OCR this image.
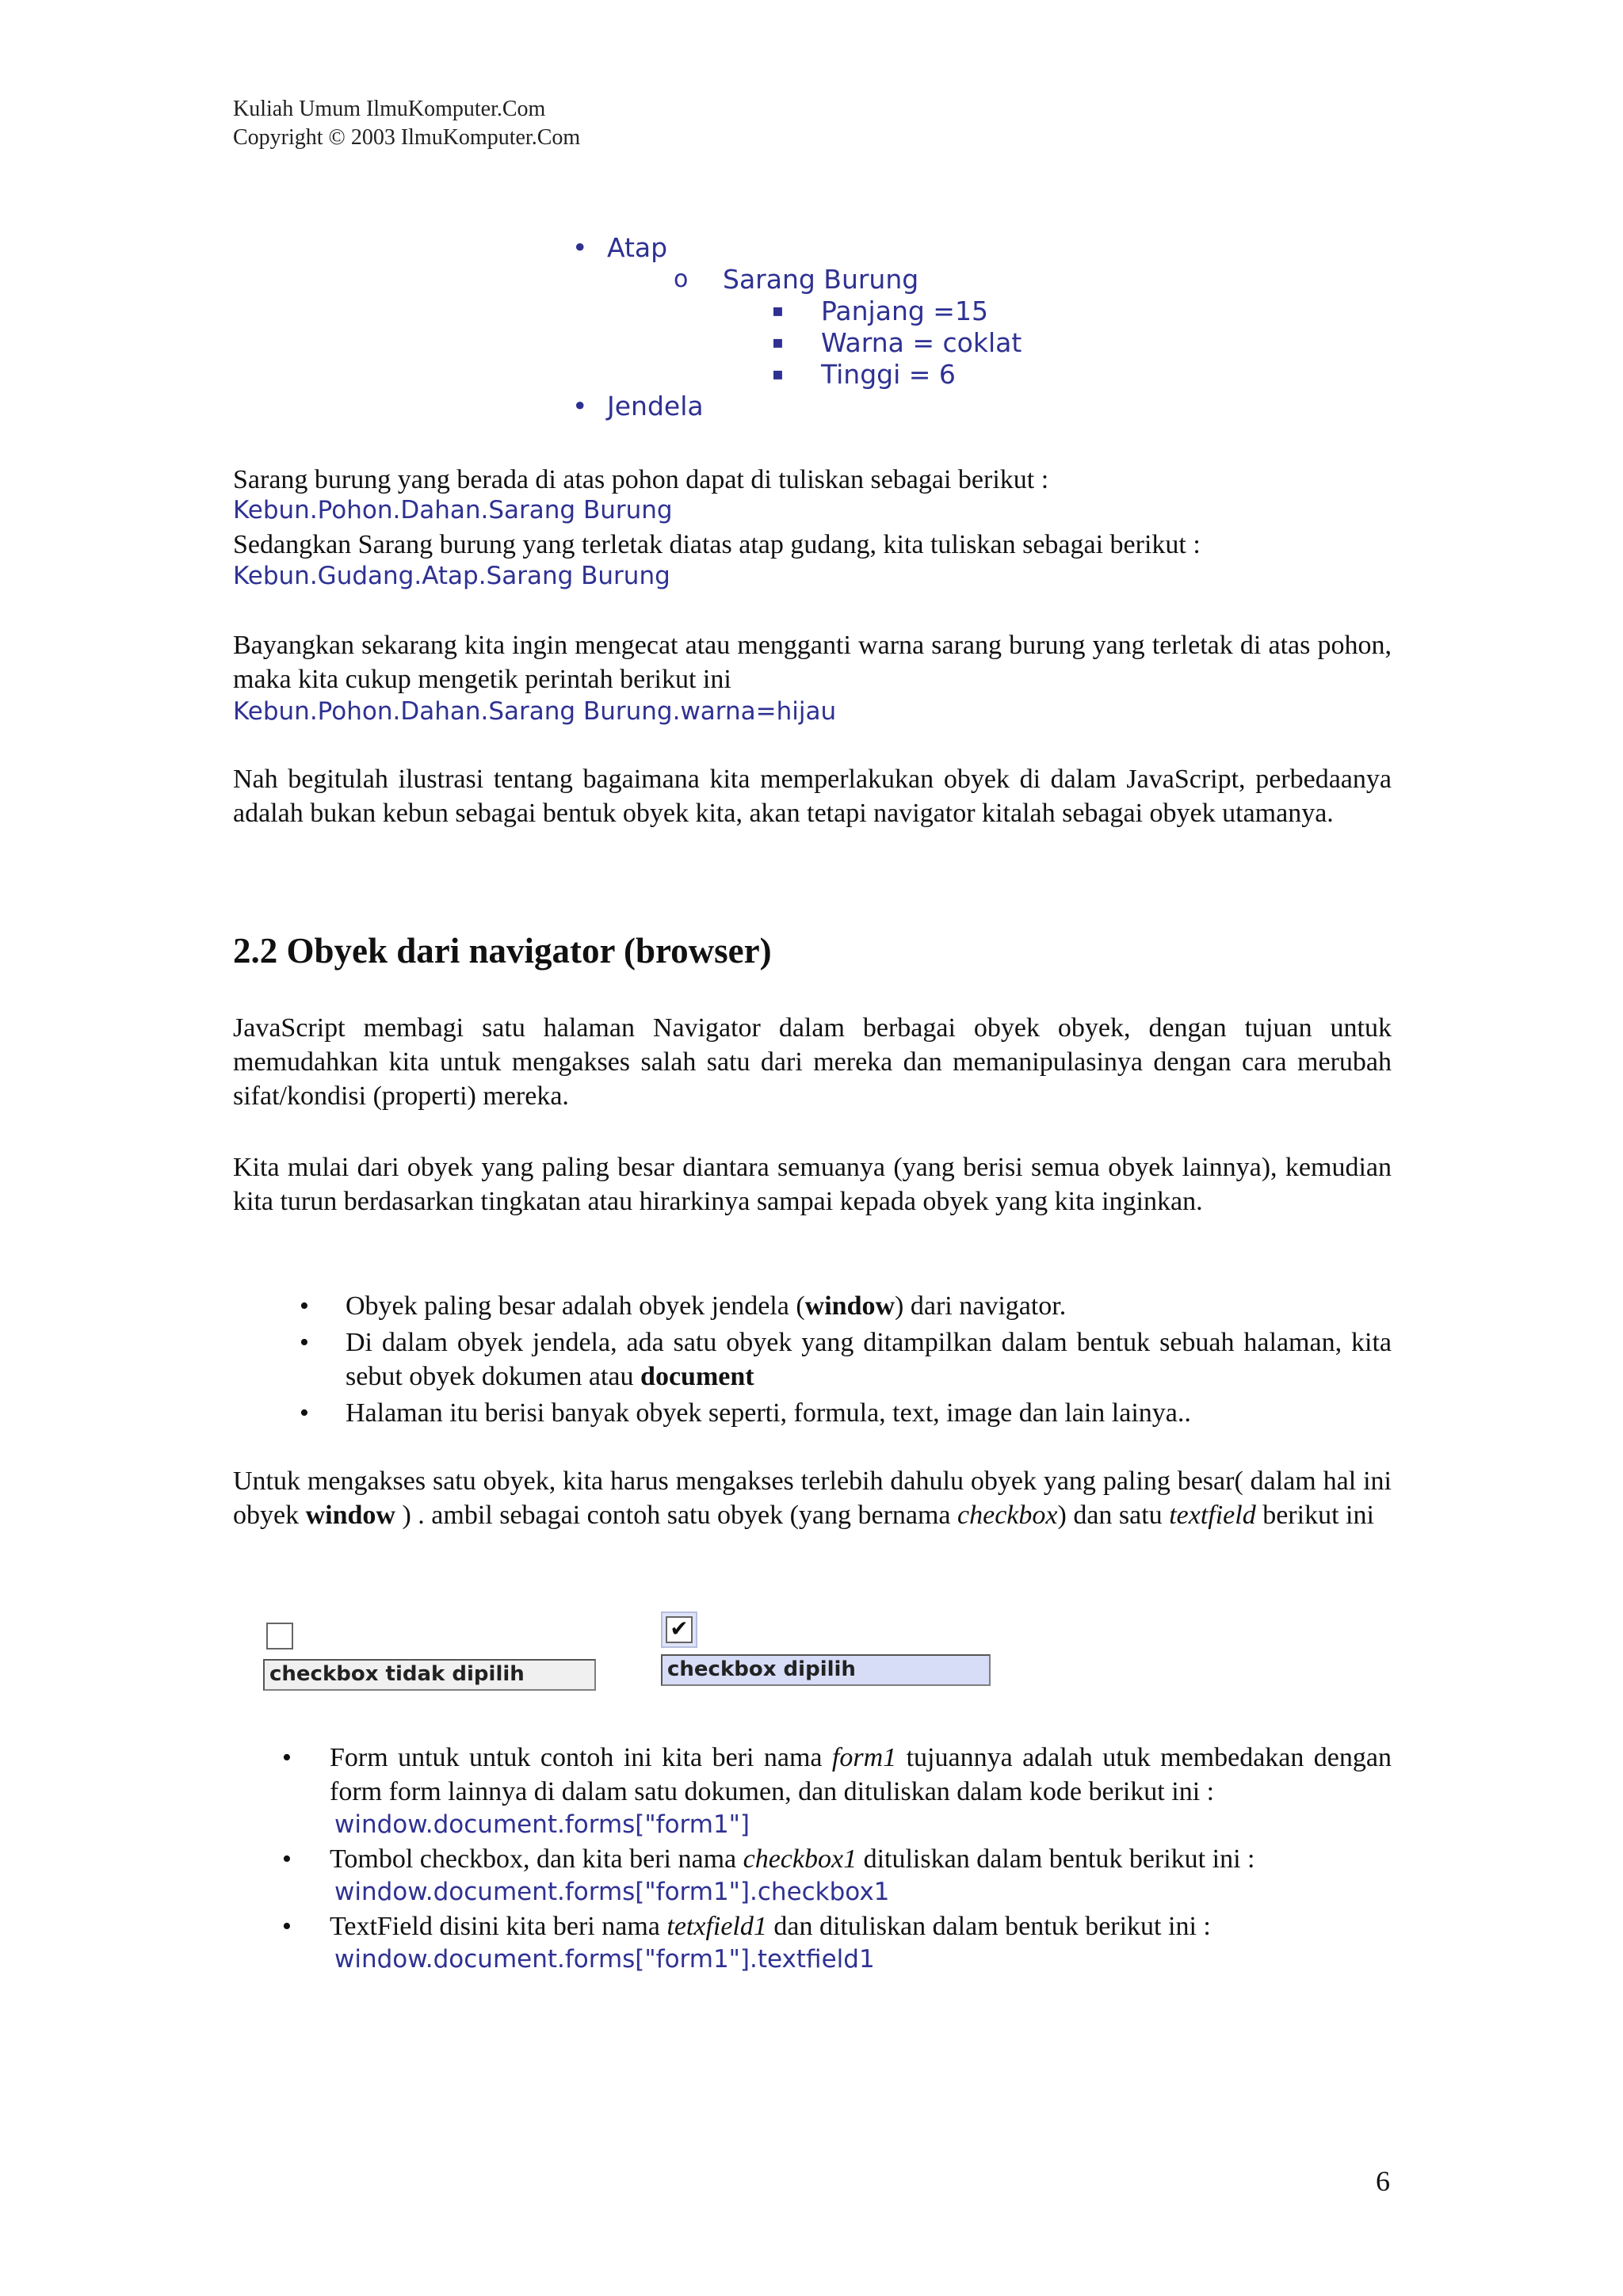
Kuliah Umum IlmuKomputer.Com
Copyright © 2003 IlmuKomputer.Com
• Atap
o Sarang Burung
▪ Panjang =15
▪ Warna = coklat
▪ Tinggi = 6
• Jendela
Sarang burung yang berada di atas pohon dapat di tuliskan sebagai berikut :
Kebun.Pohon.Dahan.Sarang Burung
Sedangkan Sarang burung yang terletak diatas atap gudang, kita tuliskan sebagai berikut :
Kebun.Gudang.Atap.Sarang Burung
Bayangkan sekarang kita ingin mengecat atau mengganti warna sarang burung yang terletak di atas pohon, maka kita cukup mengetik perintah berikut ini
Kebun.Pohon.Dahan.Sarang Burung.warna=hijau
Nah begitulah ilustrasi tentang bagaimana kita memperlakukan obyek di dalam JavaScript, perbedaanya adalah bukan kebun sebagai bentuk obyek kita, akan tetapi navigator kitalah sebagai obyek utamanya.
2.2 Obyek dari navigator (browser)
JavaScript membagi satu halaman Navigator dalam berbagai obyek obyek, dengan tujuan untuk memudahkan kita untuk mengakses salah satu dari mereka dan memanipulasinya dengan cara merubah sifat/kondisi (properti) mereka.
Kita mulai dari obyek yang paling besar diantara semuanya (yang berisi semua obyek lainnya), kemudian kita turun berdasarkan tingkatan atau hirarkinya sampai kepada obyek yang kita inginkan.
• Obyek paling besar adalah obyek jendela (window) dari navigator.
• Di dalam obyek jendela, ada satu obyek yang ditampilkan dalam bentuk sebuah halaman, kita sebut obyek dokumen atau document
• Halaman itu berisi banyak obyek seperti, formula, text, image dan lain lainya..
Untuk mengakses satu obyek, kita harus mengakses terlebih dahulu obyek yang paling besar( dalam hal ini obyek window ) . ambil sebagai contoh satu obyek (yang bernama checkbox) dan satu textfield berikut ini
checkbox tidak dipilih
✔
checkbox dipilih
• Form untuk untuk contoh ini kita beri nama form1 tujuannya adalah utuk membedakan dengan form form lainnya di dalam satu dokumen, dan dituliskan dalam kode berikut ini :
window.document.forms["form1"]
• Tombol checkbox, dan kita beri nama checkbox1 dituliskan dalam bentuk berikut ini :
window.document.forms["form1"].checkbox1
• TextField disini kita beri nama tetxfield1 dan dituliskan dalam bentuk berikut ini :
window.document.forms["form1"].textfield1
6
